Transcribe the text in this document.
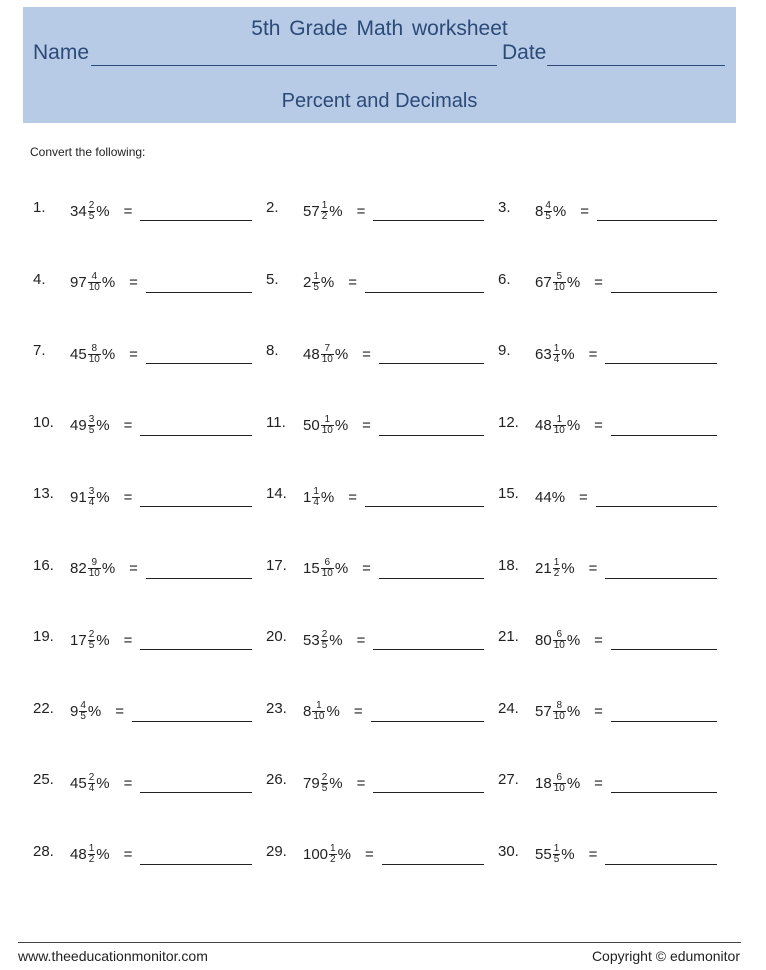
5th Grade Math worksheet
Name	Date
Percent and Decimals
Convert the following:
1. $34 \frac{2}{5}$ % =	2. $57 \frac{1}{2}$ % =	3. $8 \frac{4}{5}$ % =
4. $97 \frac{4}{10}$ % =	5. $2 \frac{1}{5}$ % =	6. $67 \frac{5}{10}$ % =
7. $45 \frac{8}{10}$ % =	8. $48 \frac{7}{10}$ % =	9. $63 \frac{1}{4}$ % =
10. $49 \frac{3}{5}$ % =	11. $50 \frac{1}{10}$ % =	12. $48 \frac{1}{10}$ % =
13. $91 \frac{3}{4}$ % =	14. $1 \frac{1}{4}$ % =	15. 44 % =
16. $82 \frac{9}{10}$ % =	17. $15 \frac{6}{10}$ % =	18. $21 \frac{1}{2}$ % =
19. $17 \frac{2}{5}$ % =	20. $53 \frac{2}{5}$ % =	21. $80 \frac{6}{10}$ % =
22. $9 \frac{4}{5}$ % =	23. $8 \frac{1}{10}$ % =	24. $57 \frac{8}{10}$ % =
25. $45 \frac{2}{4}$ % =	26. $79 \frac{2}{5}$ % =	27. $18 \frac{6}{10}$ % =
28. $48 \frac{1}{2}$ % =	29. $100 \frac{1}{2}$ % =	30. $55 \frac{1}{5}$ % =
www.theeducationmonitor.com	Copyright © edumonitor
